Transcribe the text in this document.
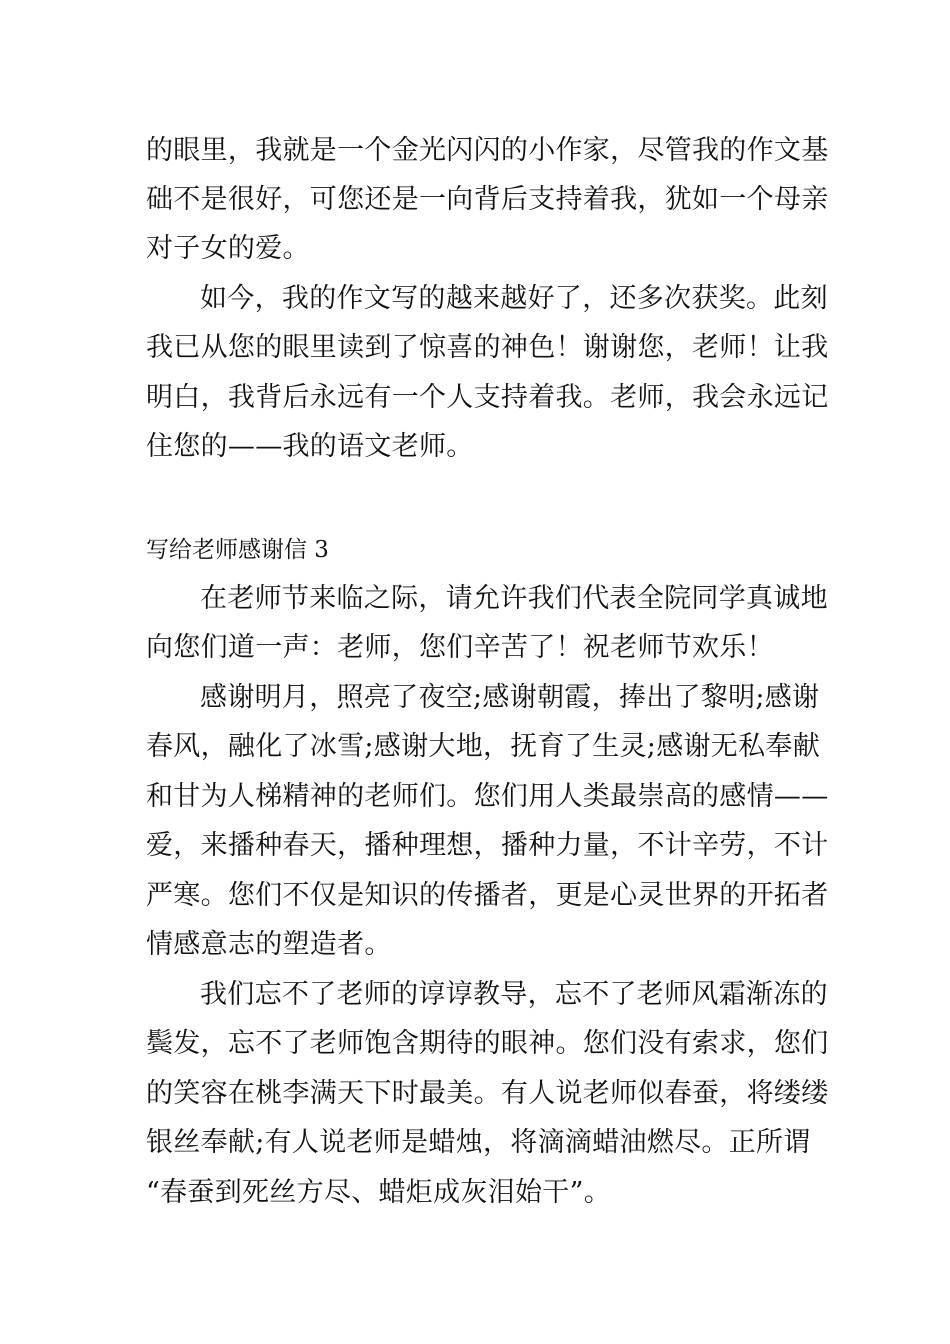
的眼里，我就是一个金光闪闪的小作家，尽管我的作文基
础不是很好，可您还是一向背后支持着我，犹如一个母亲
对子女的爱。
如今，我的作文写的越来越好了，还多次获奖。此刻
我已从您的眼里读到了惊喜的神色！谢谢您，老师！让我
明白，我背后永远有一个人支持着我。老师，我会永远记
住您的——我的语文老师。
写给老师感谢信 3
在老师节来临之际，请允许我们代表全院同学真诚地
向您们道一声：老师，您们辛苦了！祝老师节欢乐！
感谢明月，照亮了夜空;感谢朝霞，捧出了黎明;感谢
春风，融化了冰雪;感谢大地，抚育了生灵;感谢无私奉献
和甘为人梯精神的老师们。您们用人类最崇高的感情——
爱，来播种春天，播种理想，播种力量，不计辛劳，不计
严寒。您们不仅是知识的传播者，更是心灵世界的开拓者
情感意志的塑造者。
我们忘不了老师的谆谆教导，忘不了老师风霜渐冻的
鬓发，忘不了老师饱含期待的眼神。您们没有索求，您们
的笑容在桃李满天下时最美。有人说老师似春蚕，将缕缕
银丝奉献;有人说老师是蜡烛，将滴滴蜡油燃尽。正所谓
“春蚕到死丝方尽、蜡炬成灰泪始干”。
